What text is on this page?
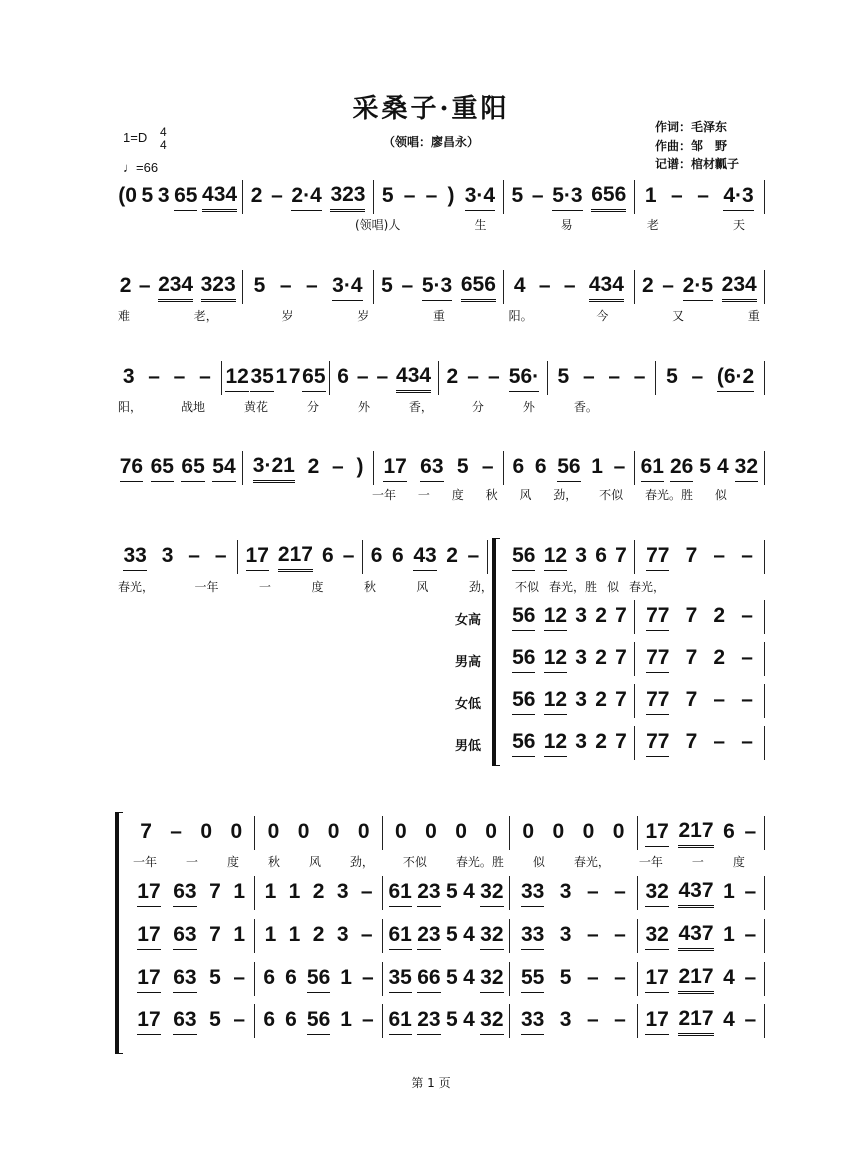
采桑子·重阳
（领唱：廖昌永）
作词：毛泽东
作曲：邹　野
记谱：棺材瓤子
1=D 4
4
♩=66
(0 5 3 65 434 2 – 2·4 323 5 – – ) 3·4 5 – 5·3 656 1 – – 4·3
(领唱)人	生	易	老	天
2 – 234 323 5 – – 3·4 5 – 5·3 656 4 – – 434 2 – 2·5 234
难	老，	岁	岁	重	阳。	今	又	重
3 – – – 12 35 1 7 65 6 – – 434 2 – – 56· 5 – – – 5 – (6·2
阳，	战地	黄花	分	外	香，	分	外	香。
76 65 65 54 3·21 2 – ) 17 63 5 – 6 6 56 1 – 61 26 5 4 32
一年 一 度 秋 风 劲， 不似 春光。胜 似
33 3 – – 17 217 6 – 6 6 43 2 –
春光，	一年	一	度	秋	风	劲，
56 12 3 6 7 77 7 – –
不似 春光，胜 似 春光，
女高 56 12 3 2 7 77 7 2 –
男高 56 12 3 2 7 77 7 2 –
女低 56 12 3 2 7 77 7 – –
男低 56 12 3 2 7 77 7 – –
7 – 0 0 0 0 0 0 0 0 0 0 0 0 0 0 17 217 6 –
一年 一 度 秋 风 劲， 不似 春光。胜 似 春光， 一年 一 度
17 63 7 1 1 1 2 3 – 61 23 5 4 32 33 3 – – 32 437 1 –
17 63 7 1 1 1 2 3 – 61 23 5 4 32 33 3 – – 32 437 1 –
17 63 5 – 6 6 56 1 – 35 66 5 4 32 55 5 – – 17 217 4 –
17 63 5 – 6 6 56 1 – 61 23 5 4 32 33 3 – – 17 217 4 –
第 1 页
